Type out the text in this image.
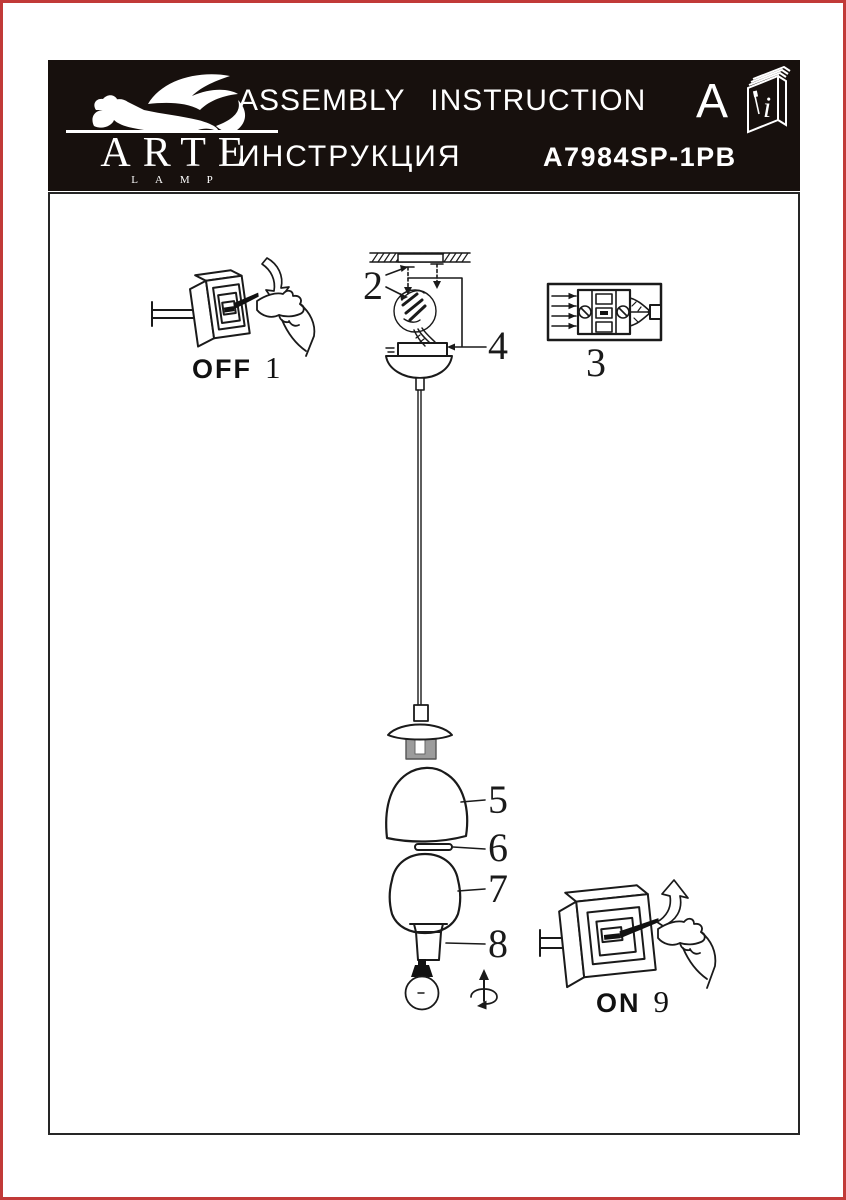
ARTE
LAMP
ASSEMBLY INSTRUCTION
ИНСТРУКЦИЯ	A7984SP-1PB
A i
OFF 1
2
4
5
6
7
8
3
ON 9
